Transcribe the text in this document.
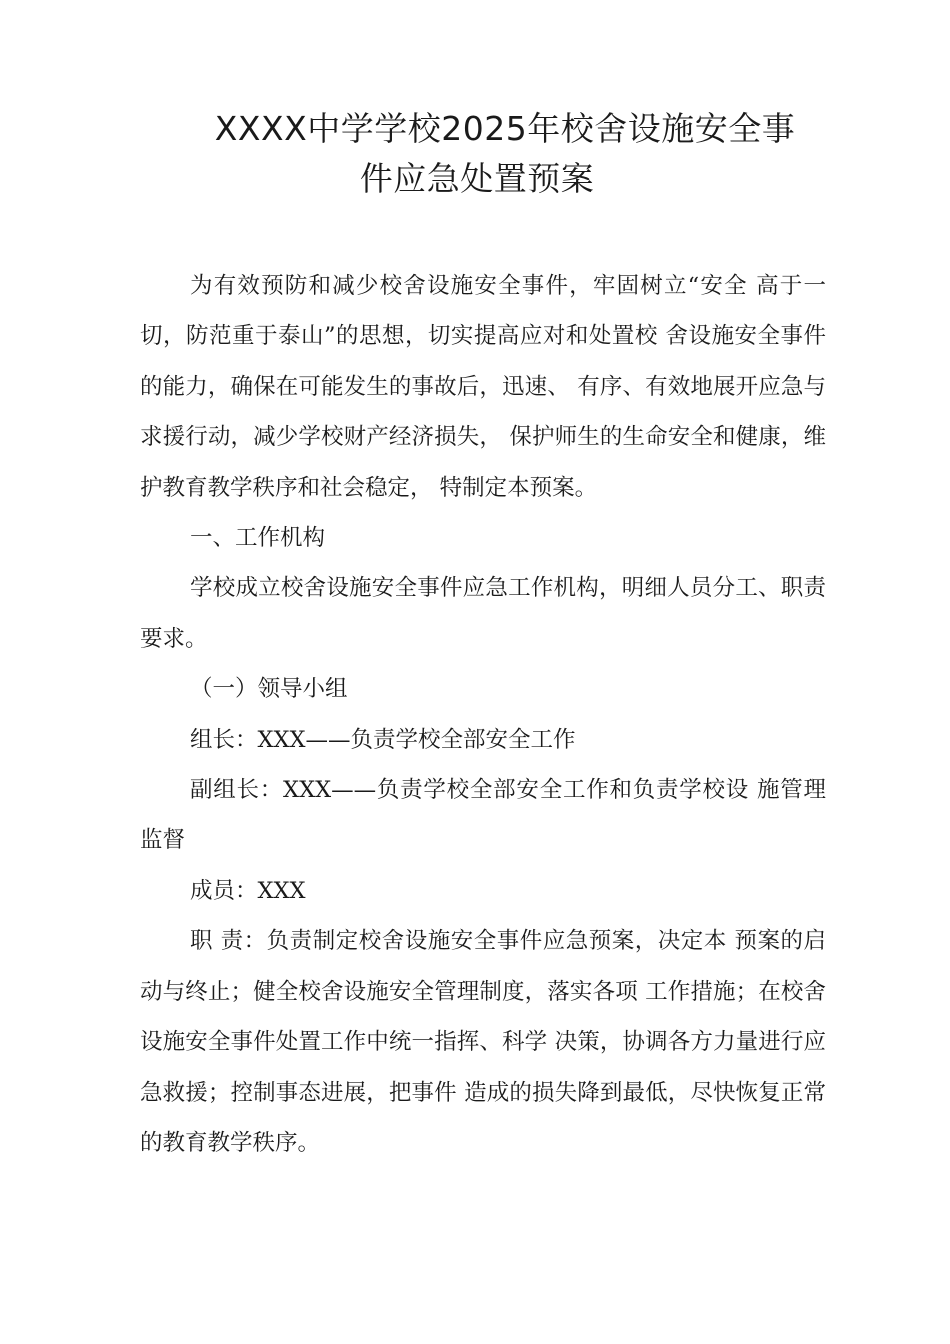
XXXX中学学校2025年校舍设施安全事
件应急处置预案

为有效预防和减少校舍设施安全事件，牢固树立“安全 高于一切，防范重于泰山”的思想，切实提高应对和处置校 舍设施安全事件的能力，确保在可能发生的事故后，迅速、 有序、有效地展开应急与求援行动，减少学校财产经济损失， 保护师生的生命安全和健康，维护教育教学秩序和社会稳定， 特制定本预案。

一、工作机构

学校成立校舍设施安全事件应急工作机构，明细人员分工、职责要求。

（一）领导小组

组长：XXX——负责学校全部安全工作

副组长：XXX——负责学校全部安全工作和负责学校设 施管理监督

成员：XXX

职 责：负责制定校舍设施安全事件应急预案，决定本 预案的启动与终止；健全校舍设施安全管理制度，落实各项 工作措施；在校舍设施安全事件处置工作中统一指挥、科学 决策，协调各方力量进行应急救援；控制事态进展，把事件 造成的损失降到最低，尽快恢复正常的教育教学秩序。
